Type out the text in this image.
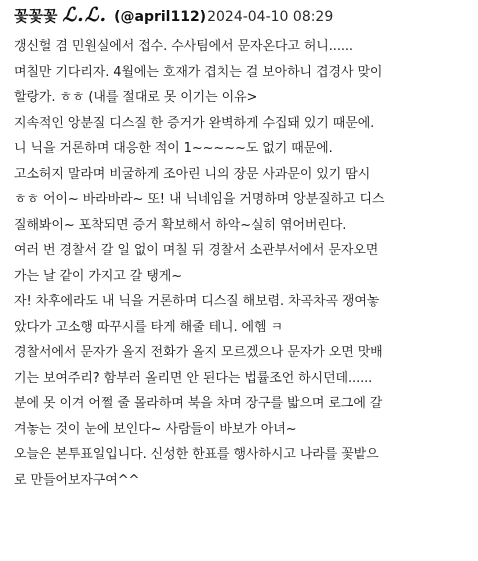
꽃꽃꽃 ℒ.ℒ. (@april112) 2024-04-10 08:29
갱신헐 겸 민원실에서 접수. 수사팀에서 문자온다고 허니......
며칠만 기다리자. 4월에는 호재가 겹치는 걸 보아하니 겹경사 맞이
할랑가. ㅎㅎ (내를 절대로 못 이기는 이유>
지속적인 앙분질 디스질 한 증거가 완벽하게 수집돼 있기 때문에.
니 닉을 거론하며 대응한 적이 1~~~~~도 없기 때문에.
고소허지 말라며 비굴하게 조아린 니의 장문 사과문이 있기 땀시
ㅎㅎ 어이~ 바라바라~ 또! 내 닉네임을 거명하며 앙분질하고 디스
질해봐이~ 포착되면 증거 확보해서 하악~실히 엮어버린다.
여러 번 경찰서 갈 일 없이 며칠 뒤 경찰서 소관부서에서 문자오면
가는 날 같이 가지고 갈 탱게~
자! 차후에라도 내 닉을 거론하며 디스질 해보렴. 차곡차곡 쟁여놓
았다가 고소행 따꾸시를 타게 해줄 테니. 에헴 ㅋ
경찰서에서 문자가 올지 전화가 올지 모르겠으나 문자가 오면 맛배
기는 보여주리? 함부러 올리면 안 된다는 법률조언 하시던데......
분에 못 이겨 어쩔 줄 몰라하며 북을 차며 장구를 밟으며 로그에 갈
겨놓는 것이 눈에 보인다~ 사람들이 바보가 아녀~
오늘은 본투표일입니다. 신성한 한표를 행사하시고 나라를 꽃밭으
로 만들어보자구여^^
